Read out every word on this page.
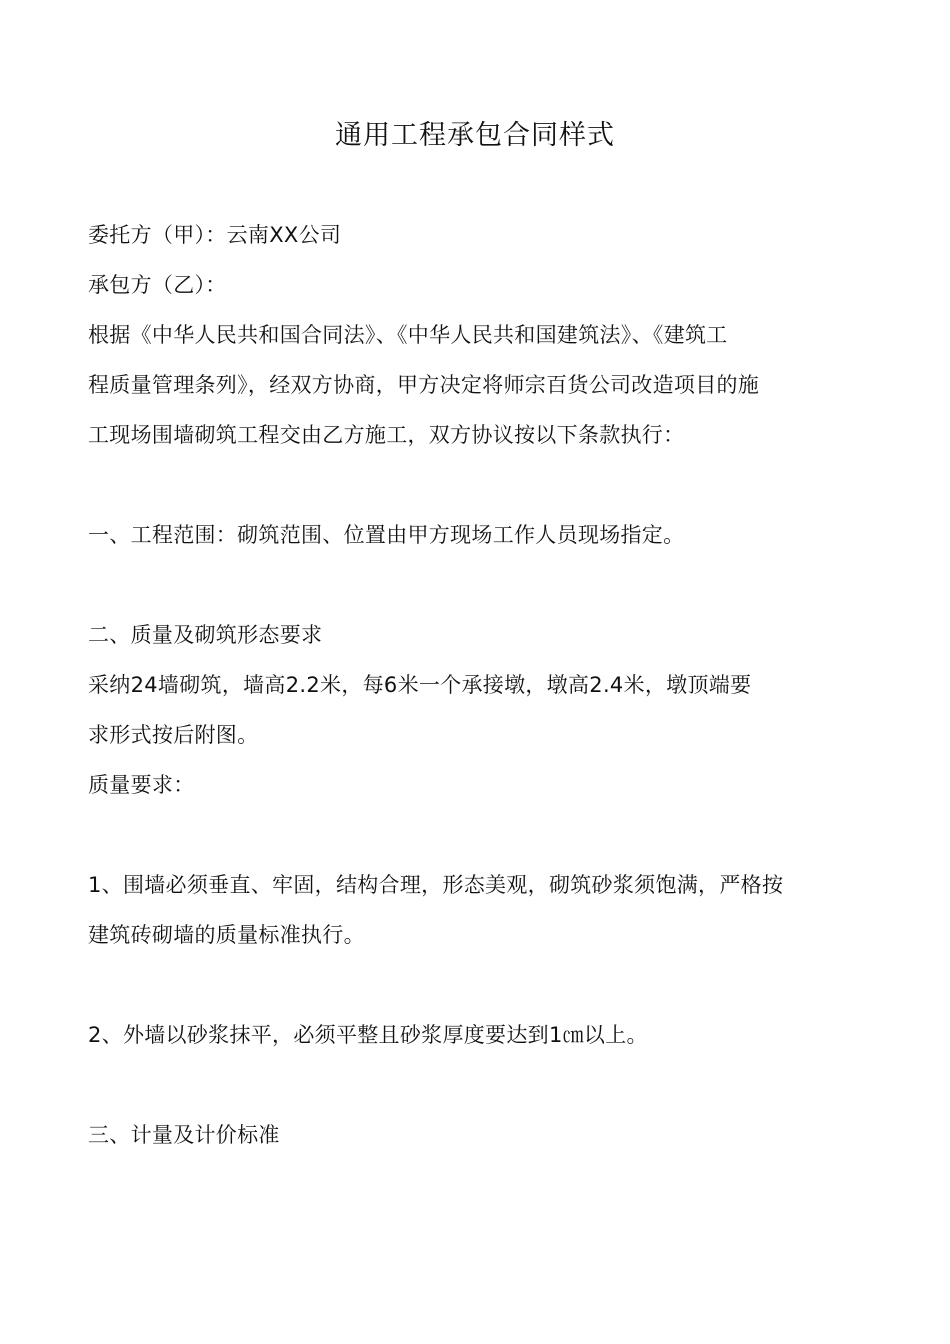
通用工程承包合同样式
委托方（甲）：云南XX公司
承包方（乙）：
根据《中华人民共和国合同法》、《中华人民共和国建筑法》、《建筑工
程质量管理条列》，经双方协商，甲方决定将师宗百货公司改造项目的施
工现场围墙砌筑工程交由乙方施工，双方协议按以下条款执行：
一、工程范围：砌筑范围、位置由甲方现场工作人员现场指定。
二、质量及砌筑形态要求
采纳24墙砌筑，墙高2.2米，每6米一个承接墩，墩高2.4米，墩顶端要
求形式按后附图。
质量要求：
1、围墙必须垂直、牢固，结构合理，形态美观，砌筑砂浆须饱满，严格按
建筑砖砌墙的质量标准执行。
2、外墙以砂浆抹平，必须平整且砂浆厚度要达到1㎝以上。
三、计量及计价标准
